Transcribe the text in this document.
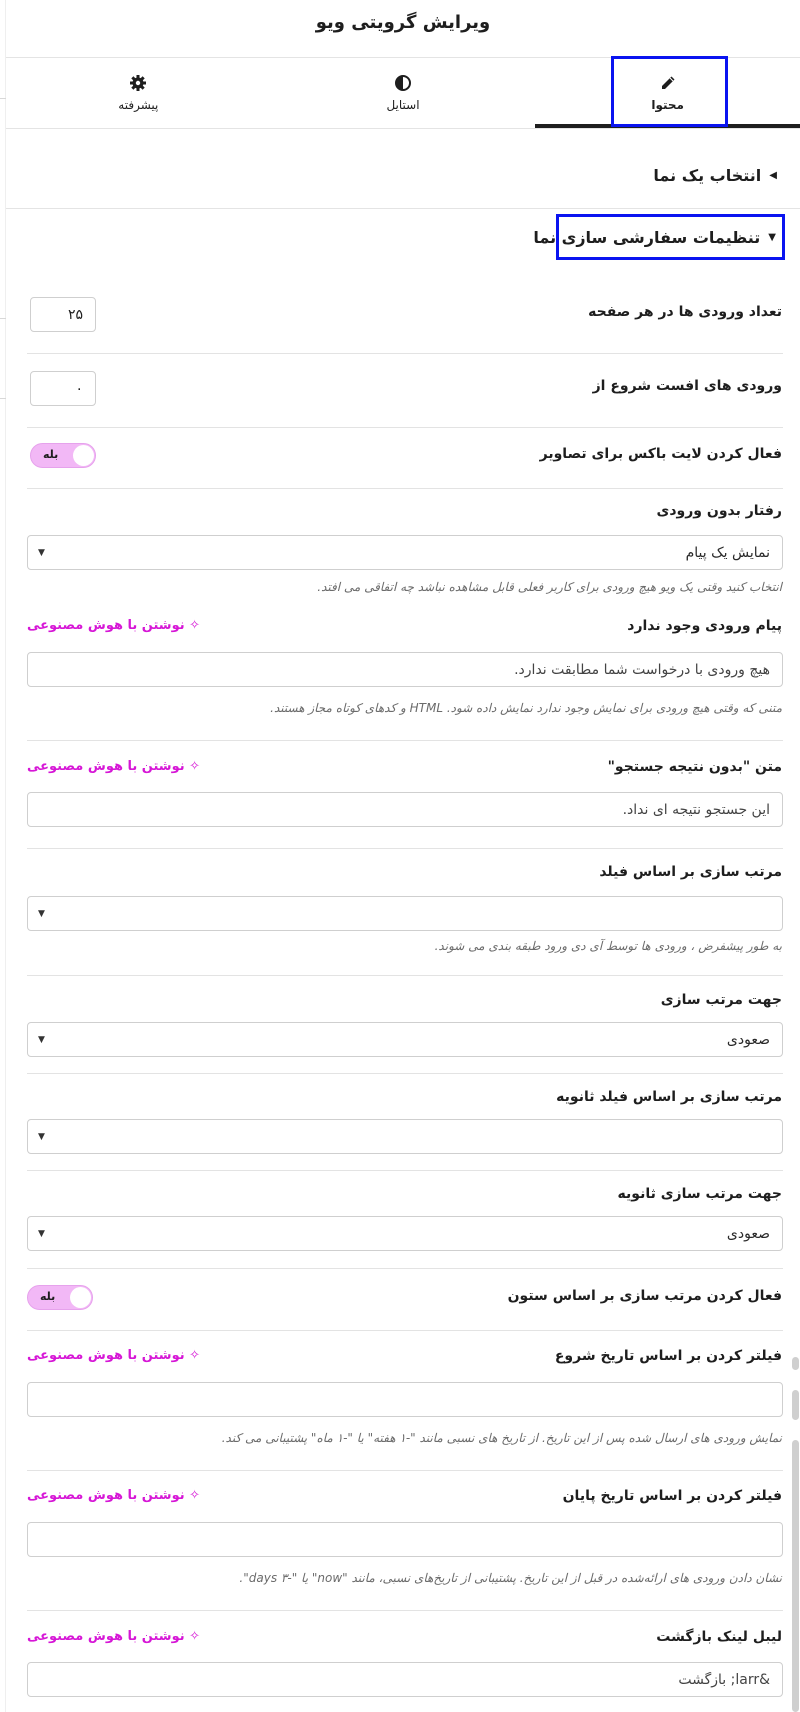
ویرایش گرویتی ویو
محتوا
استایل
پیشرفته
◀
انتخاب یک نما
▼
تنظیمات سفارشی سازی نما
تعداد ورودی ها در هر صفحه
۲۵
ورودی های افست شروع از
۰
فعال کردن لایت باکس برای تصاویر
بله
رفتار بدون ورودی
نمایش یک پیام
▼
انتخاب کنید وقتی یک ویو هیچ ورودی برای کاربر فعلی قابل مشاهده نباشد چه اتفاقی می افتد.
پیام ورودی وجود ندارد
✧ نوشتن با هوش مصنوعی
هیچ ورودی با درخواست شما مطابقت ندارد.
متنی که وقتی هیچ ورودی برای نمایش وجود ندارد نمایش داده شود. HTML و کدهای کوتاه مجاز هستند.
متن "بدون نتیجه جستجو"
✧ نوشتن با هوش مصنوعی
این جستجو نتیجه ای نداد.
مرتب سازی بر اساس فیلد
▼
به طور پیشفرض ، ورودی ها توسط آی دی ورود طبقه بندی می شوند.
جهت مرتب سازی
صعودی
▼
مرتب سازی بر اساس فیلد ثانویه
▼
جهت مرتب سازی ثانویه
صعودی
▼
فعال کردن مرتب سازی بر اساس ستون
بله
فیلتر کردن بر اساس تاریخ شروع
✧ نوشتن با هوش مصنوعی
نمایش ورودی های ارسال شده پس از این تاریخ. از تاریخ های نسبی مانند "-۱ هفته" یا "-۱ ماه" پشتیبانی می کند.
فیلتر کردن بر اساس تاریخ پایان
✧ نوشتن با هوش مصنوعی
نشان دادن ورودی های ارائه‌شده در قبل از این تاریخ. پشتیبانی از تاریخ‌های نسبی، مانند "now" یا "-۳ days".
لیبل لینک بازگشت
✧ نوشتن با هوش مصنوعی
&larr; بازگشت
